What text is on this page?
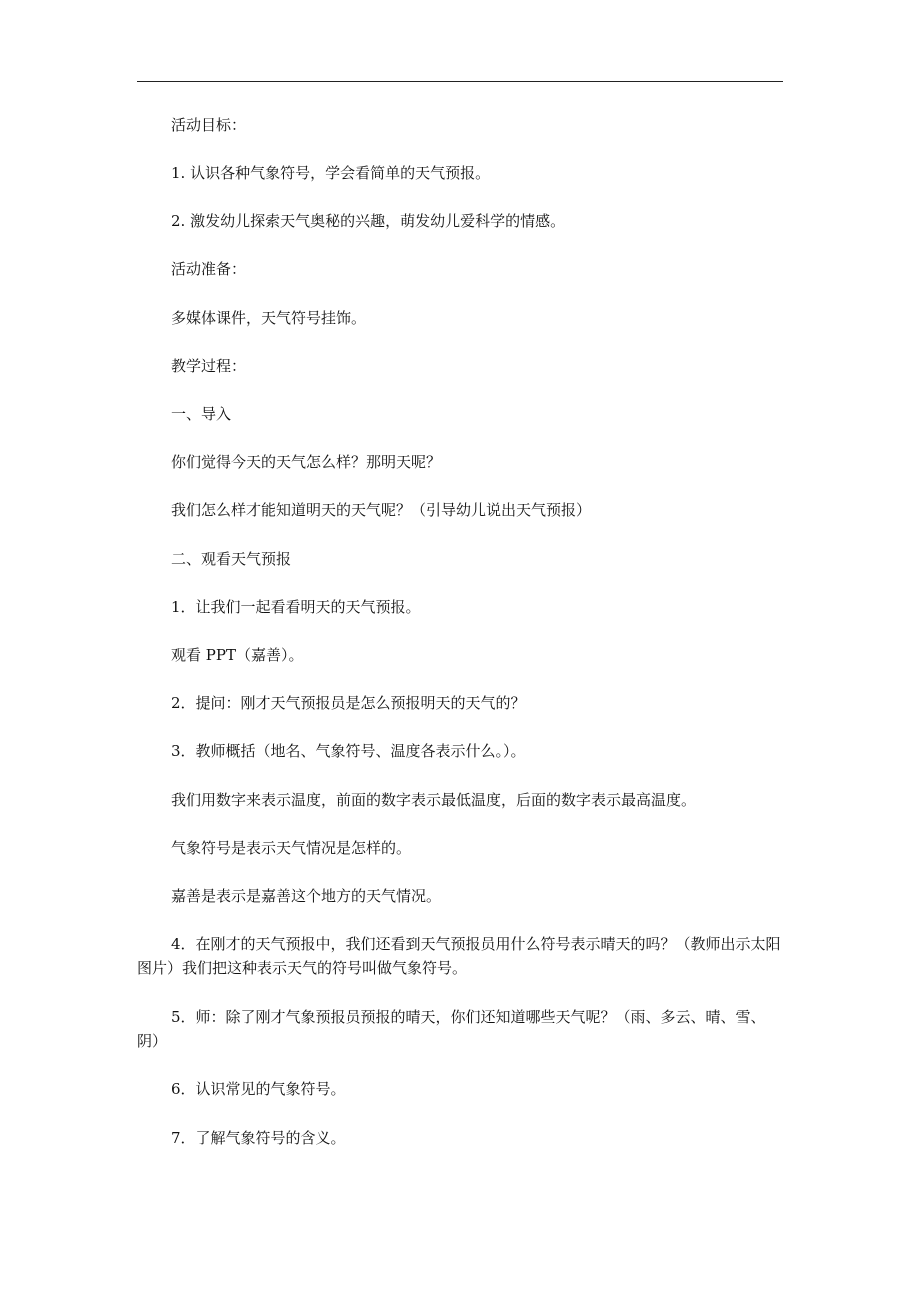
活动目标：
1. 认识各种气象符号，学会看简单的天气预报。
2. 激发幼儿探索天气奥秘的兴趣，萌发幼儿爱科学的情感。
活动准备：
多媒体课件，天气符号挂饰。
教学过程：
一、导入
你们觉得今天的天气怎么样？那明天呢？
我们怎么样才能知道明天的天气呢？（引导幼儿说出天气预报）
二、观看天气预报
1．让我们一起看看明天的天气预报。
观看 PPT（嘉善）。
2．提问：刚才天气预报员是怎么预报明天的天气的？
3．教师概括（地名、气象符号、温度各表示什么。）。
我们用数字来表示温度，前面的数字表示最低温度，后面的数字表示最高温度。
气象符号是表示天气情况是怎样的。
嘉善是表示是嘉善这个地方的天气情况。
4．在刚才的天气预报中，我们还看到天气预报员用什么符号表示晴天的吗？（教师出示太阳图片）我们把这种表示天气的符号叫做气象符号。
5．师：除了刚才气象预报员预报的晴天，你们还知道哪些天气呢？（雨、多云、晴、雪、阴）
6．认识常见的气象符号。
7．了解气象符号的含义。
